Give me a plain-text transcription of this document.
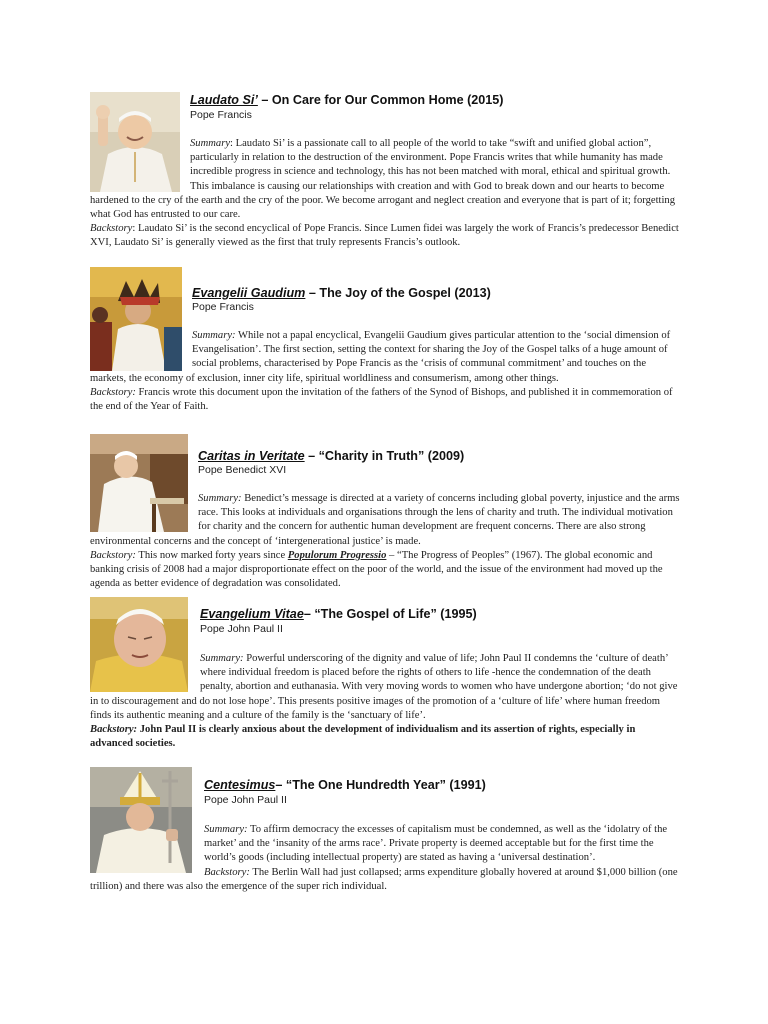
Laudato Si’ – On Care for Our Common Home (2015)
Pope Francis
Summary: Laudato Si’ is a passionate call to all people of the world to take “swift and unified global action”, particularly in relation to the destruction of the environment. Pope Francis writes that while humanity has made incredible progress in science and technology, this has not been matched with moral, ethical and spiritual growth. This imbalance is causing our relationships with creation and with God to break down and our hearts to become hardened to the cry of the earth and the cry of the poor. We become arrogant and neglect creation and everyone that is part of it; forgetting what God has entrusted to our care.
Backstory: Laudato Si’ is the second encyclical of Pope Francis. Since Lumen fidei was largely the work of Francis’s predecessor Benedict XVI, Laudato Si’ is generally viewed as the first that truly represents Francis’s outlook.
Evangelii Gaudium – The Joy of the Gospel (2013)
Pope Francis
Summary: While not a papal encyclical, Evangelii Gaudium gives particular attention to the ‘social dimension of Evangelisation’. The first section, setting the context for sharing the Joy of the Gospel talks of a huge amount of social problems, characterised by Pope Francis as the ‘crisis of communal commitment’ and touches on the markets, the economy of exclusion, inner city life, spiritual worldliness and consumerism, among other things.
Backstory: Francis wrote this document upon the invitation of the fathers of the Synod of Bishops, and published it in commemoration of the end of the Year of Faith.
Caritas in Veritate – “Charity in Truth” (2009)
Pope Benedict XVI
Summary: Benedict’s message is directed at a variety of concerns including global poverty, injustice and the arms race. This looks at individuals and organisations through the lens of charity and truth. The individual motivation for charity and the concern for authentic human development are frequent concerns. There are also strong environmental concerns and the concept of ‘intergenerational justice’ is made.
Backstory: This now marked forty years since Populorum Progressio – “The Progress of Peoples” (1967). The global economic and banking crisis of 2008 had a major disproportionate effect on the poor of the world, and the issue of the environment had moved up the agenda as better evidence of degradation was consolidated.
Evangelium Vitae– “The Gospel of Life” (1995)
Pope John Paul II
Summary: Powerful underscoring of the dignity and value of life; John Paul II condemns the ‘culture of death’ where individual freedom is placed before the rights of others to life -hence the condemnation of the death penalty, abortion and euthanasia. With very moving words to women who have undergone abortion; ‘do not give in to discouragement and do not lose hope’. This presents positive images of the promotion of a ‘culture of life’ where human freedom finds its authentic meaning and a culture of the family is the ‘sanctuary of life’.
Backstory: John Paul II is clearly anxious about the development of individualism and its assertion of rights, especially in advanced societies.
Centesimus– “The One Hundredth Year” (1991)
Pope John Paul II
Summary: To affirm democracy the excesses of capitalism must be condemned, as well as the ‘idolatry of the market’ and the ‘insanity of the arms race’. Private property is deemed acceptable but for the first time the world’s goods (including intellectual property) are stated as having a ‘universal destination’.
Backstory: The Berlin Wall had just collapsed; arms expenditure globally hovered at around $1,000 billion (one trillion) and there was also the emergence of the super rich individual.
